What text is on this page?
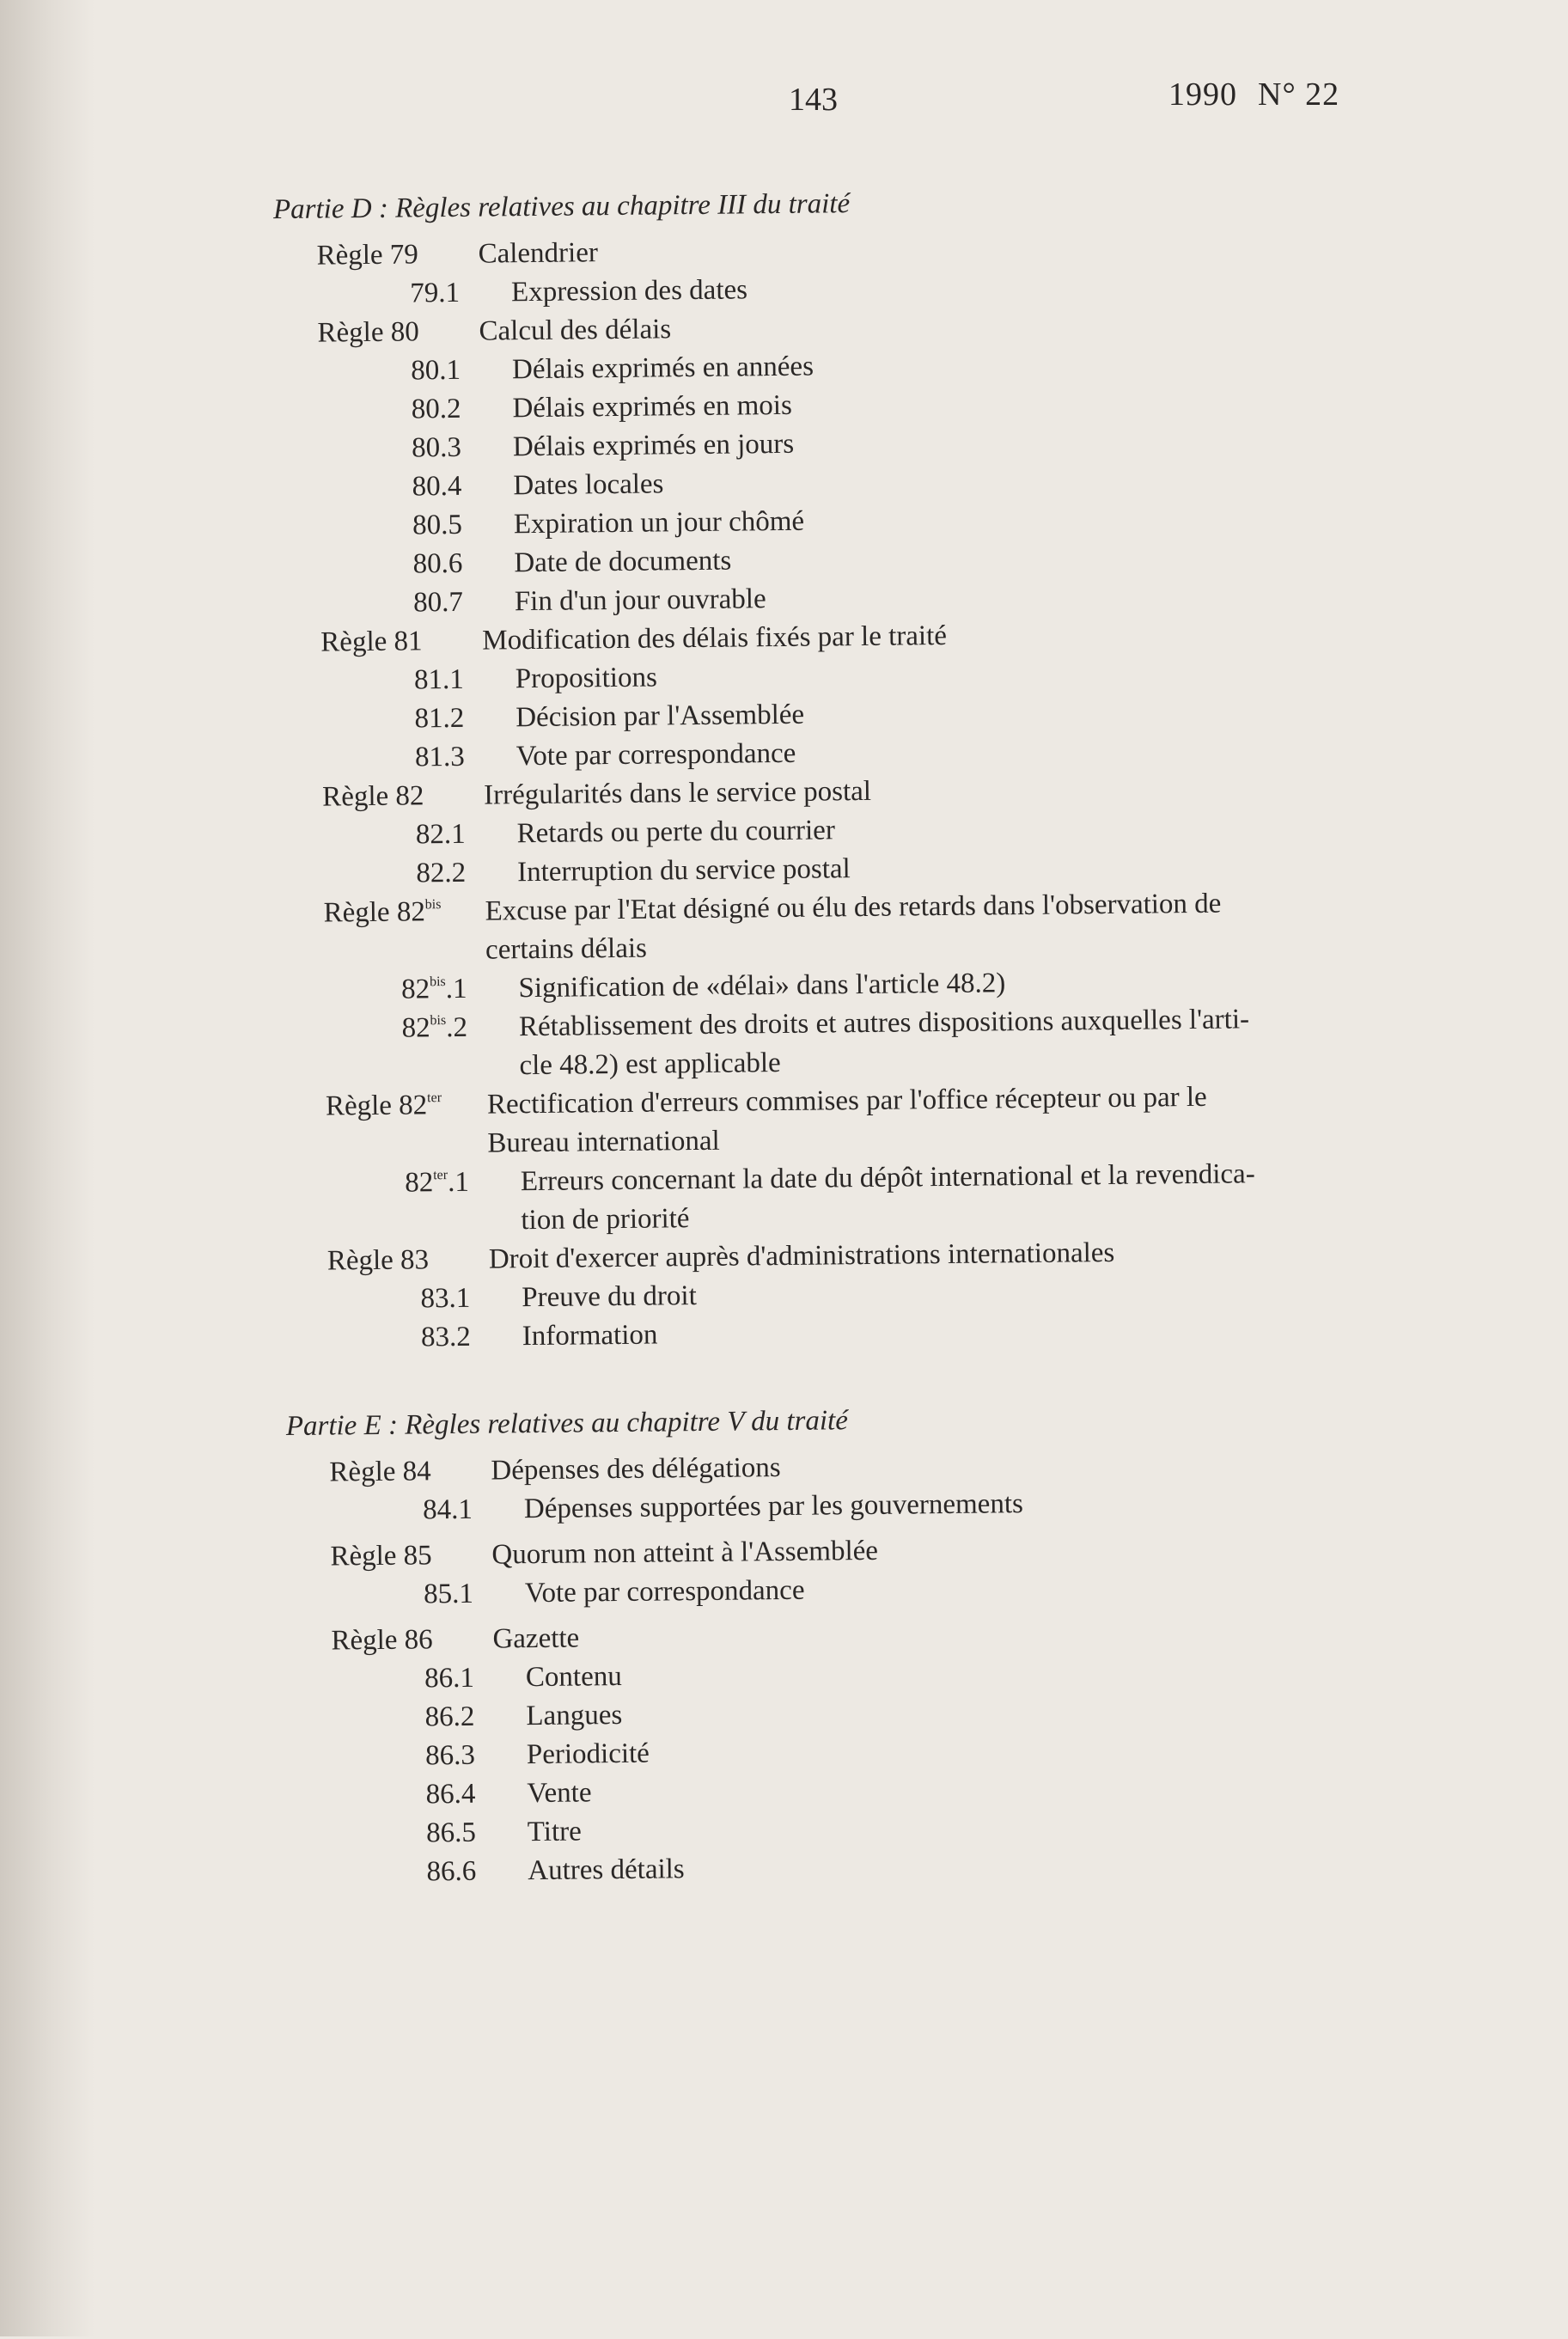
143	1990 N° 22
Partie D : Règles relatives au chapitre III du traité
Règle 79 Calendrier
79.1 Expression des dates
Règle 80 Calcul des délais
80.1 Délais exprimés en années
80.2 Délais exprimés en mois
80.3 Délais exprimés en jours
80.4 Dates locales
80.5 Expiration un jour chômé
80.6 Date de documents
80.7 Fin d'un jour ouvrable
Règle 81 Modification des délais fixés par le traité
81.1 Propositions
81.2 Décision par l'Assemblée
81.3 Vote par correspondance
Règle 82 Irrégularités dans le service postal
82.1 Retards ou perte du courrier
82.2 Interruption du service postal
Règle $82^{bis}$ Excuse par l'Etat désigné ou élu des retards dans l'observation de
certains délais
$82^{bis}.1$ Signification de «délai» dans l'article 48.2)
$82^{bis}.2$ Rétablissement des droits et autres dispositions auxquelles l'arti-
cle 48.2) est applicable
Règle $82^{ter}$ Rectification d'erreurs commises par l'office récepteur ou par le
Bureau international
$82^{ter}.1$ Erreurs concernant la date du dépôt international et la revendica-
tion de priorité
Règle 83 Droit d'exercer auprès d'administrations internationales
83.1 Preuve du droit
83.2 Information
Partie E : Règles relatives au chapitre V du traité
Règle 84 Dépenses des délégations
84.1 Dépenses supportées par les gouvernements
Règle 85 Quorum non atteint à l'Assemblée
85.1 Vote par correspondance
Règle 86 Gazette
86.1 Contenu
86.2 Langues
86.3 Periodicité
86.4 Vente
86.5 Titre
86.6 Autres détails
